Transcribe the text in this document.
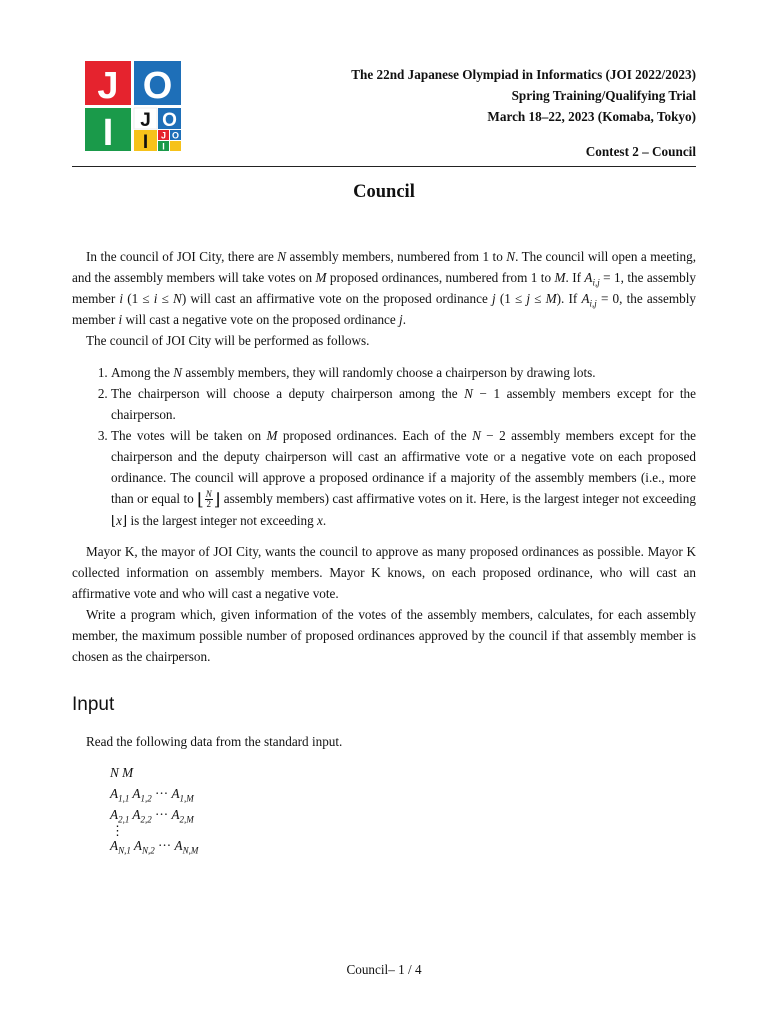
J O
I J O
I J O
I
The 22nd Japanese Olympiad in Informatics (JOI 2022/2023)
Spring Training/Qualifying Trial
March 18–22, 2023 (Komaba, Tokyo)
Contest 2 – Council
Council

In the council of JOI City, there are N assembly members, numbered from 1 to N. The council will open a meeting, and the assembly members will take votes on M proposed ordinances, numbered from 1 to M. If $A_{i,j} = 1$, the assembly member i (1 ≤ i ≤ N) will cast an affirmative vote on the proposed ordinance j (1 ≤ j ≤ M). If $A_{i,j} = 0$, the assembly member i will cast a negative vote on the proposed ordinance j.

The council of JOI City will be performed as follows.

1. Among the N assembly members, they will randomly choose a chairperson by drawing lots.
2. The chairperson will choose a deputy chairperson among the N − 1 assembly members except for the chairperson.
3. The votes will be taken on M proposed ordinances. Each of the N − 2 assembly members except for the chairperson and the deputy chairperson will cast an affirmative vote or a negative vote on each proposed ordinance. The council will approve a proposed ordinance if a majority of the assembly members (i.e., more than or equal to ⌊ $\frac{N}{2}$ ⌋ assembly members) cast affirmative votes on it. Here, is the largest integer not exceeding ⌊x⌋ is the largest integer not exceeding x.

Mayor K, the mayor of JOI City, wants the council to approve as many proposed ordinances as possible. Mayor K collected information on assembly members. Mayor K knows, on each proposed ordinance, who will cast an affirmative vote and who will cast a negative vote.

Write a program which, given information of the votes of the assembly members, calculates, for each assembly member, the maximum possible number of proposed ordinances approved by the council if that assembly member is chosen as the chairperson.

Input
Read the following data from the standard input.
N M
$A_{1,1}$ $A_{1,2}$ ··· $A_{1,M}$
$A_{2,1}$ $A_{2,2}$ ··· $A_{2,M}$
⋮
$A_{N,1}$ $A_{N,2}$ ··· $A_{N,M}$
Council– 1 / 4
